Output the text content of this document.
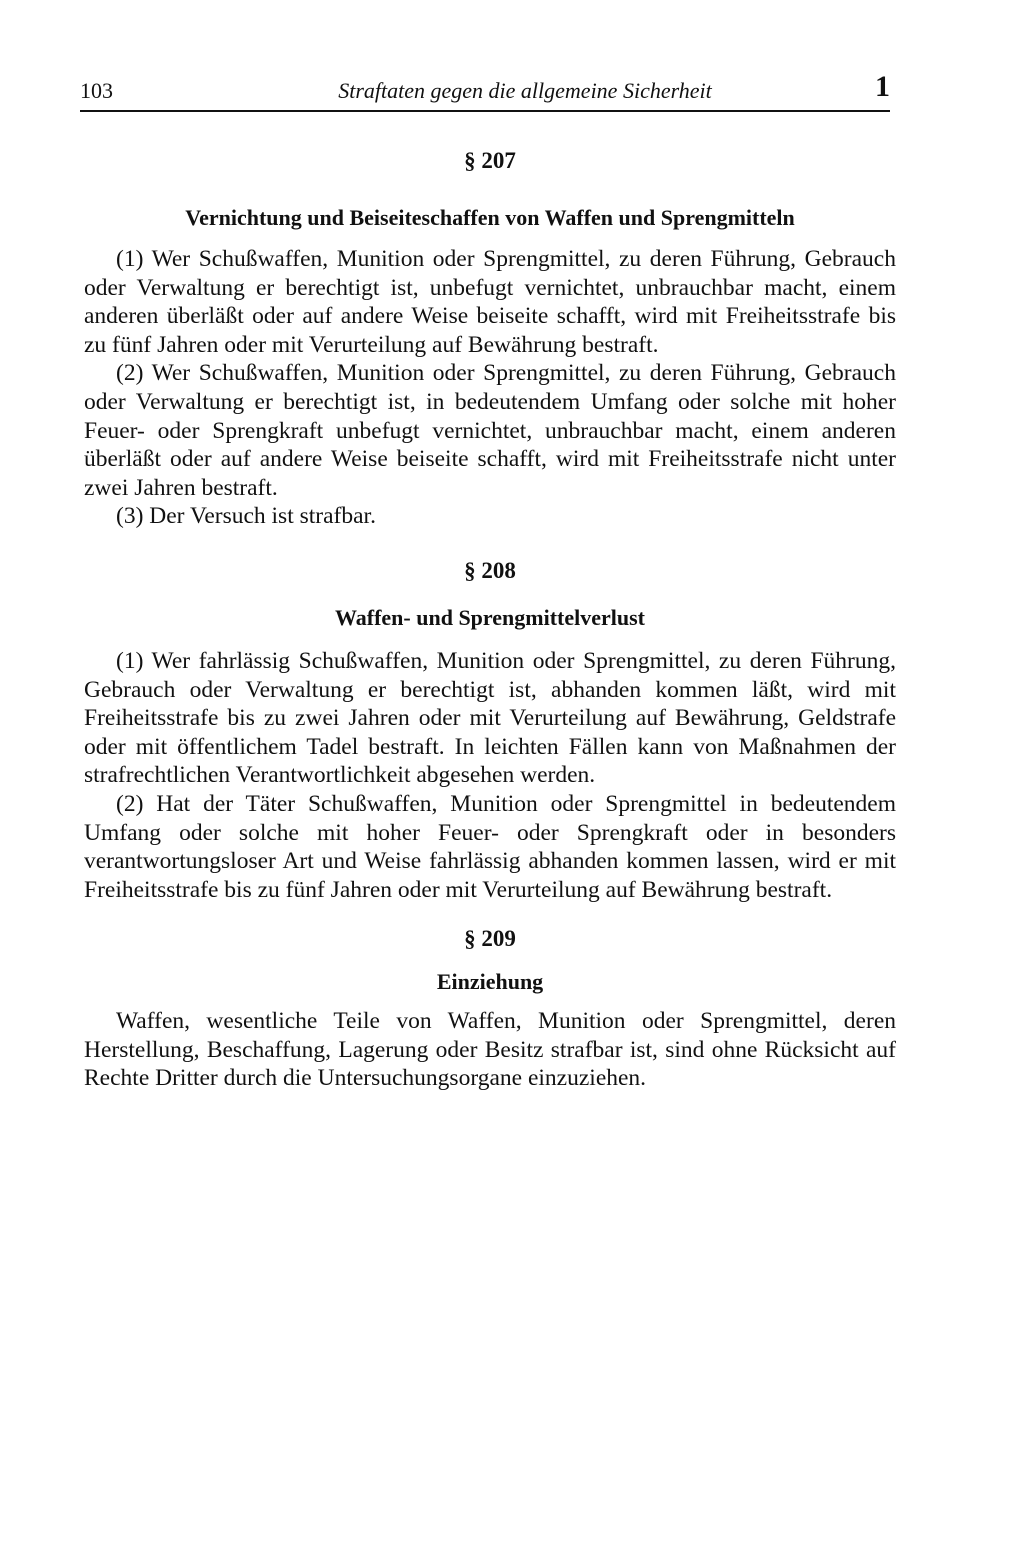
103	Straftaten gegen die allgemeine Sicherheit	1

§ 207

Vernichtung und Beiseiteschaffen von Waffen und Sprengmitteln

(1) Wer Schußwaffen, Munition oder Sprengmittel, zu deren Führung, Gebrauch oder Verwaltung er berechtigt ist, unbefugt vernichtet, unbrauchbar macht, einem anderen überläßt oder auf andere Weise beiseite schafft, wird mit Freiheitsstrafe bis zu fünf Jahren oder mit Verurteilung auf Bewährung bestraft.

(2) Wer Schußwaffen, Munition oder Sprengmittel, zu deren Führung, Gebrauch oder Verwaltung er berechtigt ist, in bedeutendem Umfang oder solche mit hoher Feuer- oder Sprengkraft unbefugt vernichtet, unbrauchbar macht, einem anderen überläßt oder auf andere Weise beiseite schafft, wird mit Freiheitsstrafe nicht unter zwei Jahren bestraft.

(3) Der Versuch ist strafbar.

§ 208

Waffen- und Sprengmittelverlust

(1) Wer fahrlässig Schußwaffen, Munition oder Sprengmittel, zu deren Führung, Gebrauch oder Verwaltung er berechtigt ist, abhanden kommen läßt, wird mit Freiheitsstrafe bis zu zwei Jahren oder mit Verurteilung auf Bewährung, Geldstrafe oder mit öffentlichem Tadel bestraft. In leichten Fällen kann von Maßnahmen der strafrechtlichen Verantwortlichkeit abgesehen werden.

(2) Hat der Täter Schußwaffen, Munition oder Sprengmittel in bedeutendem Umfang oder solche mit hoher Feuer- oder Sprengkraft oder in besonders verantwortungsloser Art und Weise fahrlässig abhanden kommen lassen, wird er mit Freiheitsstrafe bis zu fünf Jahren oder mit Verurteilung auf Bewährung bestraft.

§ 209

Einziehung

Waffen, wesentliche Teile von Waffen, Munition oder Sprengmittel, deren Herstellung, Beschaffung, Lagerung oder Besitz strafbar ist, sind ohne Rücksicht auf Rechte Dritter durch die Untersuchungsorgane einzuziehen.
